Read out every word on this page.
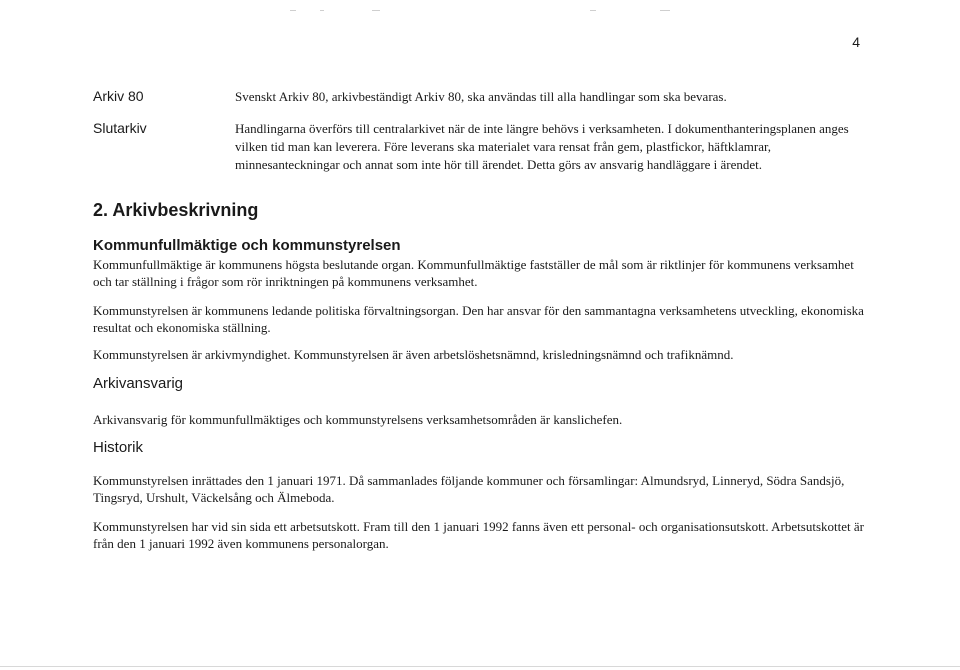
4
Arkiv 80	Svenskt Arkiv 80, arkivbeständigt Arkiv 80, ska användas till alla handlingar som ska bevaras.
Slutarkiv	Handlingarna överförs till centralarkivet när de inte längre behövs i verksamheten. I dokumenthanteringsplanen anges vilken tid man kan leverera. Före leverans ska materialet vara rensat från gem, plastfickor, häftklamrar, minnesanteckningar och annat som inte hör till ärendet. Detta görs av ansvarig handläggare i ärendet.
2. Arkivbeskrivning
Kommunfullmäktige och kommunstyrelsen
Kommunfullmäktige är kommunens högsta beslutande organ. Kommunfullmäktige fastställer de mål som är riktlinjer för kommunens verksamhet och tar ställning i frågor som rör inriktningen på kommunens verksamhet.
Kommunstyrelsen är kommunens ledande politiska förvaltningsorgan. Den har ansvar för den sammantagna verksamhetens utveckling, ekonomiska resultat och ekonomiska ställning.
Kommunstyrelsen är arkivmyndighet. Kommunstyrelsen är även arbetslöshetsnämnd, krisledningsnämnd och trafiknämnd.
Arkivansvarig
Arkivansvarig för kommunfullmäktiges och kommunstyrelsens verksamhetsområden är kanslichefen.
Historik
Kommunstyrelsen inrättades den 1 januari 1971. Då sammanlades följande kommuner och församlingar: Almundsryd, Linneryd, Södra Sandsjö, Tingsryd, Urshult, Väckelsång och Älmeboda.
Kommunstyrelsen har vid sin sida ett arbetsutskott. Fram till den 1 januari 1992 fanns även ett personal- och organisationsutskott. Arbetsutskottet är från den 1 januari 1992 även kommunens personalorgan.
